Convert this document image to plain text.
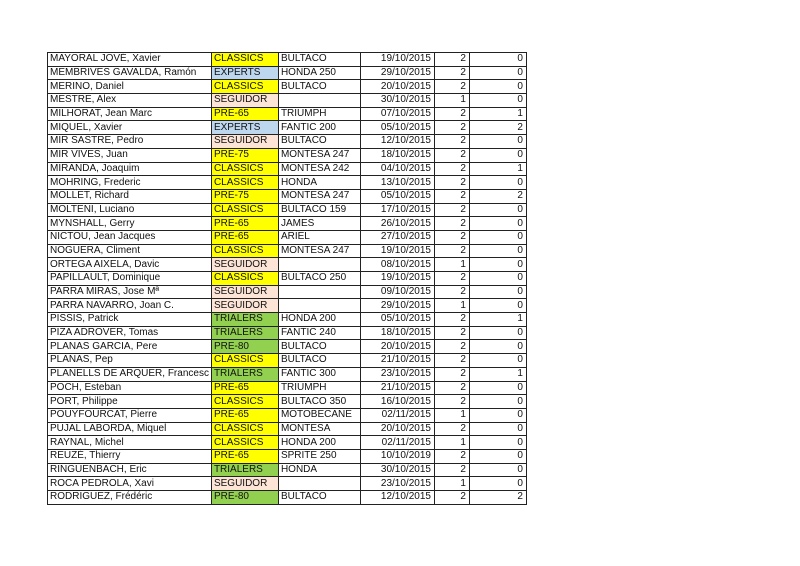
MAYORAL JOVÉ, Xavier	CLASSICS	BULTACO	19/10/2015	2	0
MEMBRIVES GAVALDÀ, Ramón	EXPERTS	HONDA 250	29/10/2015	2	0
MERINO, Daniel	CLASSICS	BULTACO	20/10/2015	2	0
MESTRE, Alex	SEGUIDOR		30/10/2015	1	0
MILHORAT, Jean Marc	PRE-65	TRIUMPH	07/10/2015	2	1
MIQUEL, Xavier	EXPERTS	FANTIC 200	05/10/2015	2	2
MIR SASTRE, Pedro	SEGUIDOR	BULTACO	12/10/2015	2	0
MIR VIVES, Juan	PRE-75	MONTESA 247	18/10/2015	2	0
MIRANDA, Joaquim	CLASSICS	MONTESA 242	04/10/2015	2	1
MOHRING, Frederic	CLASSICS	HONDA	13/10/2015	2	0
MOLLET, Richard	PRE-75	MONTESA 247	05/10/2015	2	2
MOLTENI, Luciano	CLASSICS	BULTACO 159	17/10/2015	2	0
MYNSHALL, Gerry	PRE-65	JAMES	26/10/2015	2	0
NICTOU, Jean Jacques	PRE-65	ARIEL	27/10/2015	2	0
NOGUERA, Climent	CLASSICS	MONTESA 247	19/10/2015	2	0
ORTEGA AIXELA, Davic	SEGUIDOR		08/10/2015	1	0
PAPILLAULT, Dominique	CLASSICS	BULTACO 250	19/10/2015	2	0
PARRA MIRAS, Jose Mª	SEGUIDOR		09/10/2015	2	0
PARRA NAVARRO, Joan C.	SEGUIDOR		29/10/2015	1	0
PISSIS, Patrick	TRIALERS	HONDA 200	05/10/2015	2	1
PIZA ADROVER, Tomas	TRIALERS	FANTIC 240	18/10/2015	2	0
PLANAS GARCIA, Pere	PRE-80	BULTACO	20/10/2015	2	0
PLANAS, Pep	CLASSICS	BULTACO	21/10/2015	2	0
PLANELLS DE ARQUER, Francesc	TRIALERS	FANTIC 300	23/10/2015	2	1
POCH, Esteban	PRE-65	TRIUMPH	21/10/2015	2	0
PORT, Philippe	CLASSICS	BULTACO 350	16/10/2015	2	0
POUYFOURCAT, Pierre	PRE-65	MOTOBECANE	02/11/2015	1	0
PUJAL LABORDA, Miquel	CLASSICS	MONTESA	20/10/2015	2	0
RAYNAL, Michel	CLASSICS	HONDA 200	02/11/2015	1	0
REUZÉ, Thierry	PRE-65	SPRITE 250	10/10/2019	2	0
RINGUENBACH, Eric	TRIALERS	HONDA	30/10/2015	2	0
ROCA PEDROLA, Xavi	SEGUIDOR		23/10/2015	1	0
RODRIGUEZ, Frédéric	PRE-80	BULTACO	12/10/2015	2	2
